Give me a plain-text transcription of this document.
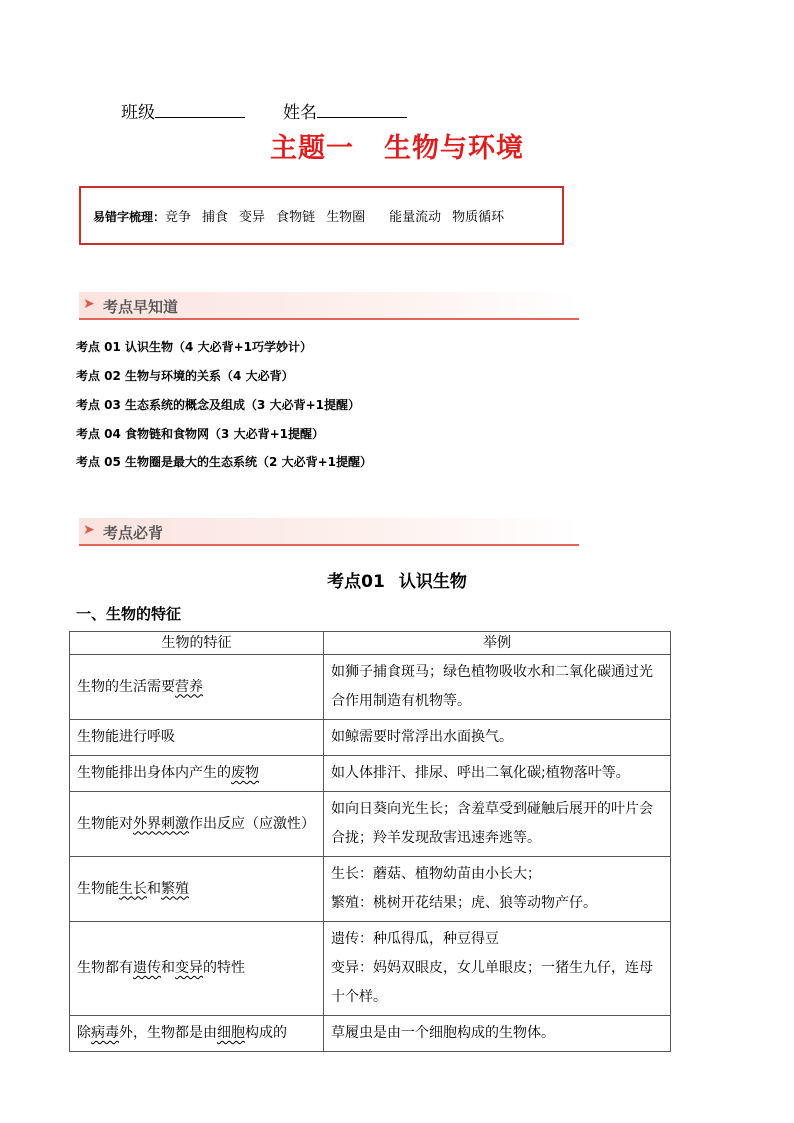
班级	姓名
主题一 生物与环境
易错字梳理：竞争 捕食 变异 食物链 生物圈 能量流动 物质循环
➤ 考点早知道
考点 01 认识生物（4 大必背+1巧学妙计）
考点 02 生物与环境的关系（4 大必背）
考点 03 生态系统的概念及组成（3 大必背+1提醒）
考点 04 食物链和食物网（3 大必背+1提醒）
考点 05 生物圈是最大的生态系统（2 大必背+1提醒）
➤ 考点必背
考点01 认识生物
一、生物的特征
生物的特征	举例
生物的生活需要营养	如狮子捕食斑马；绿色植物吸收水和二氧化碳通过光合作用制造有机物等。

生物能进行呼吸	如鲸需要时常浮出水面换气。

生物能排出身体内产生的废物	如人体排汗、排尿、呼出二氧化碳;植物落叶等。

生物能对外界刺激作出反应（应激性）	如向日葵向光生长；含羞草受到碰触后展开的叶片会合拢；羚羊发现敌害迅速奔逃等。

生物能生长和繁殖	生长：蘑菇、植物幼苗由小长大；
繁殖：桃树开花结果；虎、狼等动物产仔。

生物都有遗传和变异的特性	遗传：种瓜得瓜，种豆得豆
变异：妈妈双眼皮，女儿单眼皮；一猪生九仔，连母十个样。

除病毒外，生物都是由细胞构成的	草履虫是由一个细胞构成的生物体。
